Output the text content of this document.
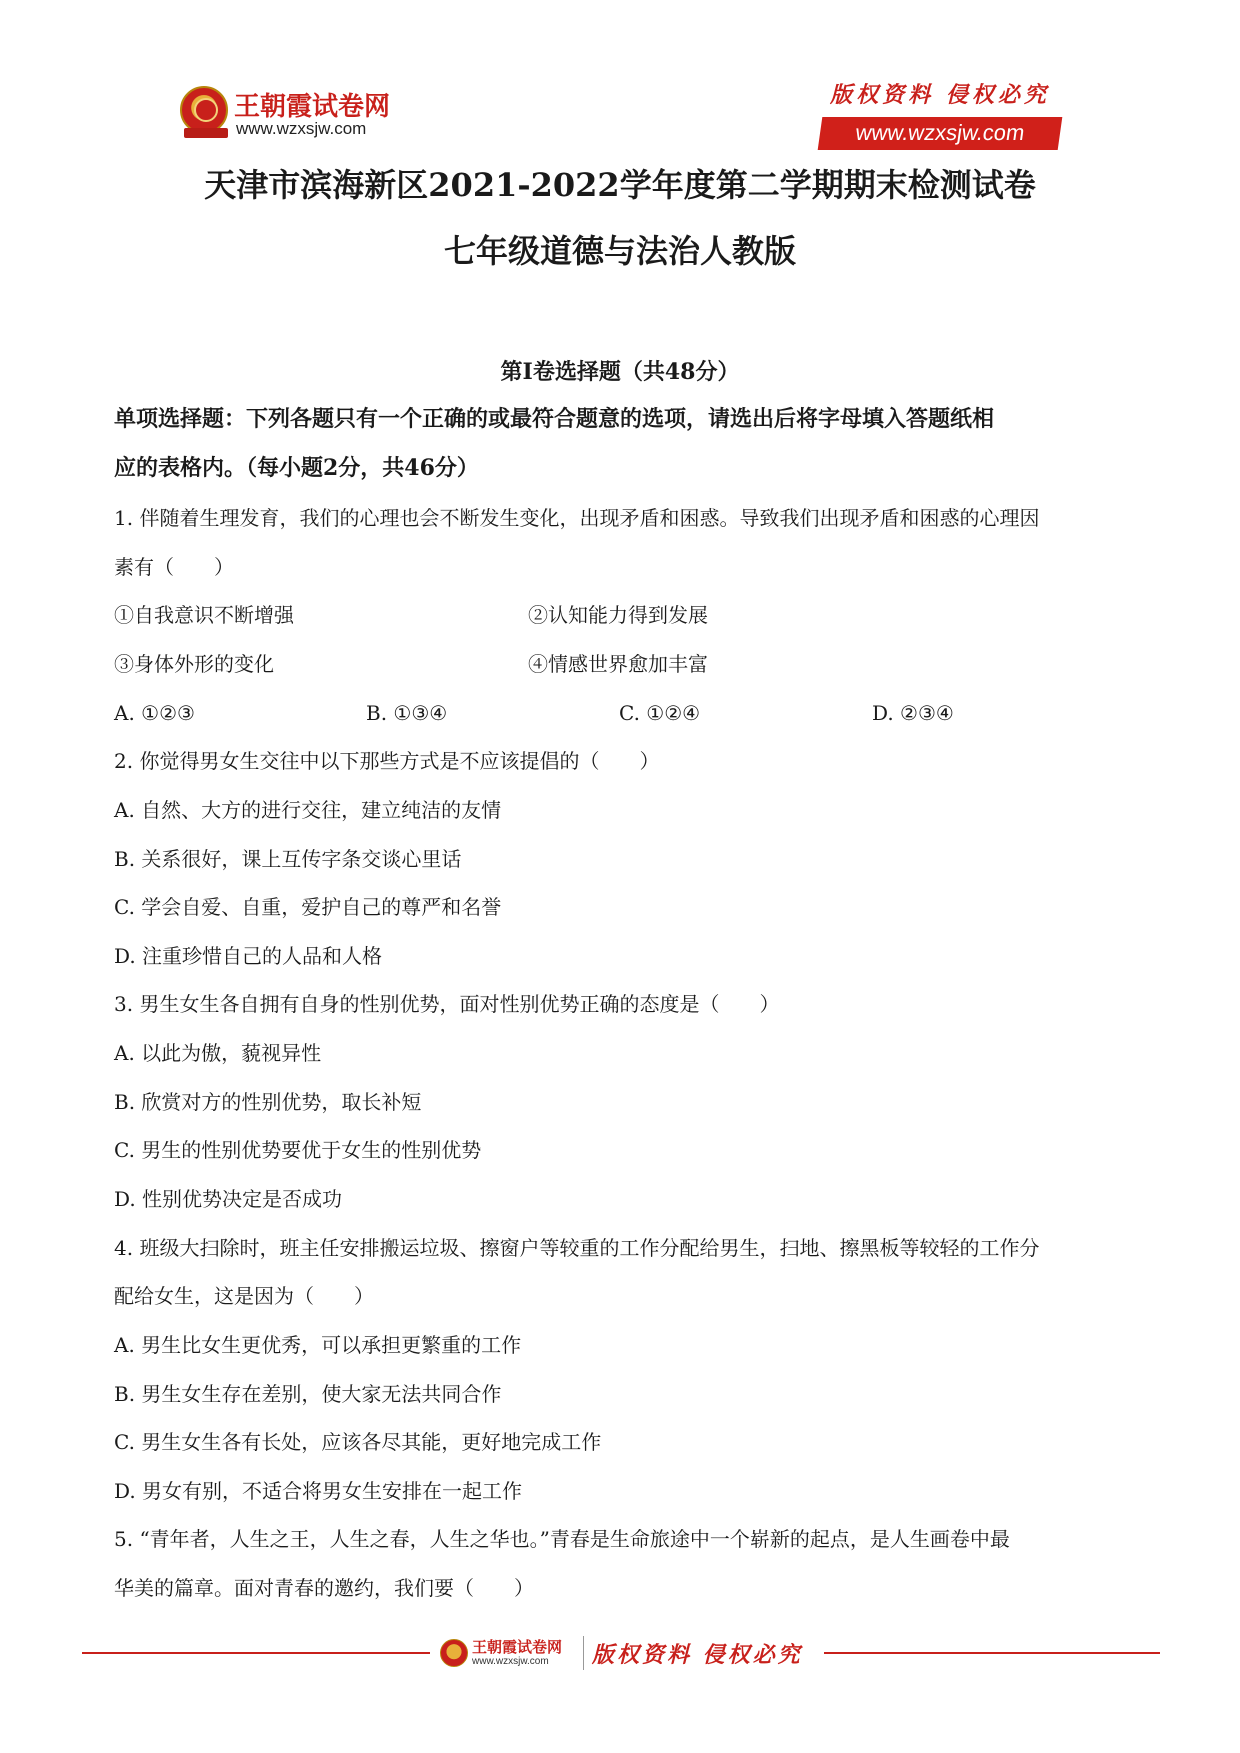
王朝霞试卷网
www.wzxsjw.com
版权资料 侵权必究
www.wzxsjw.com
天津市滨海新区2021-2022学年度第二学期期末检测试卷
七年级道德与法治人教版
第Ⅰ卷选择题（共48分）
单项选择题：下列各题只有一个正确的或最符合题意的选项，请选出后将字母填入答题纸相
应的表格内。（每小题2分，共46分）
1. 伴随着生理发育，我们的心理也会不断发生变化，出现矛盾和困惑。导致我们出现矛盾和困惑的心理因
素有（　　）
①自我意识不断增强	②认知能力得到发展
③身体外形的变化	④情感世界愈加丰富
A. ①②③	B. ①③④	C. ①②④	D. ②③④
2. 你觉得男女生交往中以下那些方式是不应该提倡的（　　）
A. 自然、大方的进行交往，建立纯洁的友情
B. 关系很好，课上互传字条交谈心里话
C. 学会自爱、自重，爱护自己的尊严和名誉
D. 注重珍惜自己的人品和人格
3. 男生女生各自拥有自身的性别优势，面对性别优势正确的态度是（　　）
A. 以此为傲，藐视异性
B. 欣赏对方的性别优势，取长补短
C. 男生的性别优势要优于女生的性别优势
D. 性别优势决定是否成功
4. 班级大扫除时，班主任安排搬运垃圾、擦窗户等较重的工作分配给男生，扫地、擦黑板等较轻的工作分
配给女生，这是因为（　　）
A. 男生比女生更优秀，可以承担更繁重的工作
B. 男生女生存在差别，使大家无法共同合作
C. 男生女生各有长处，应该各尽其能，更好地完成工作
D. 男女有别，不适合将男女生安排在一起工作
5. “青年者，人生之王，人生之春，人生之华也。”青春是生命旅途中一个崭新的起点，是人生画卷中最
华美的篇章。面对青春的邀约，我们要（　　）
王朝霞试卷网
www.wzxsjw.com 版权资料 侵权必究
